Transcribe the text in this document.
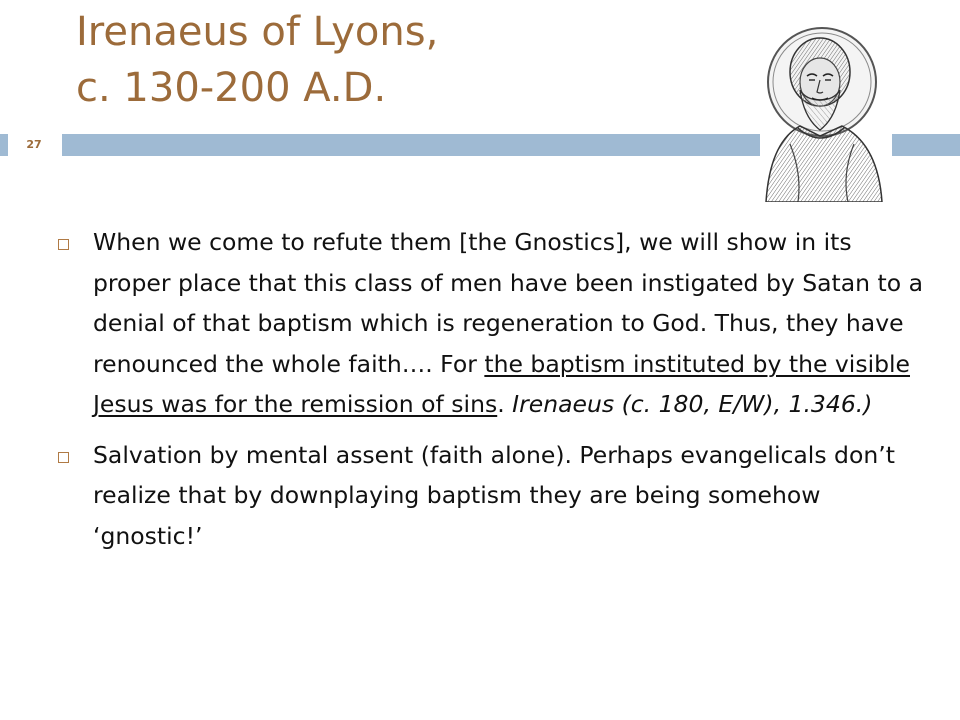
Irenaeus of Lyons,
c. 130-200 A.D.
27
When we come to refute them [the Gnostics], we will show in its proper place that this class of men have been instigated by Satan to a denial of that baptism which is regeneration to God. Thus, they have renounced the whole faith…. For the baptism instituted by the visible Jesus was for the remission of sins. Irenaeus (c. 180, E/W), 1.346.)
Salvation by mental assent (faith alone). Perhaps evangelicals don’t realize that by downplaying baptism they are being somehow ‘gnostic!’
